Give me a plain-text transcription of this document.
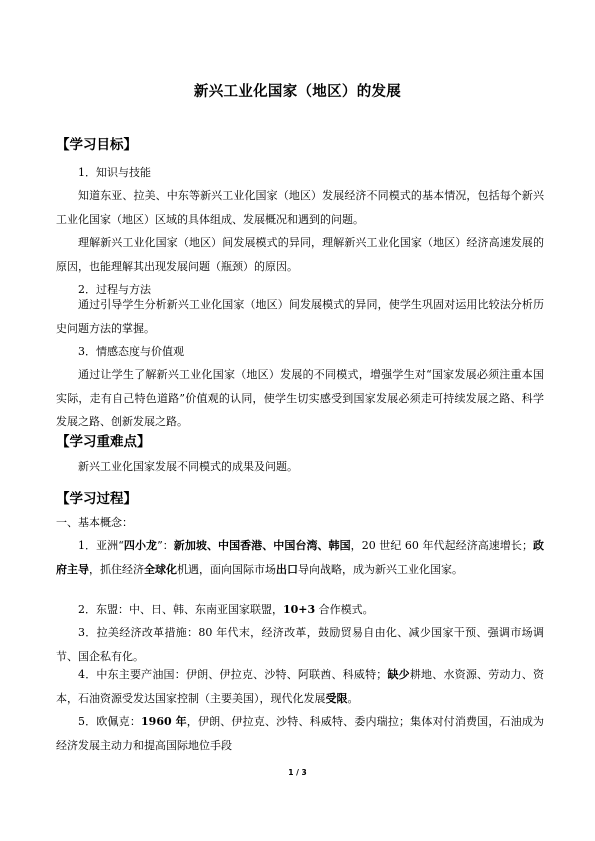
新兴工业化国家（地区）的发展
【学习目标】

1．知识与技能

知道东亚、拉美、中东等新兴工业化国家（地区）发展经济不同模式的基本情况，包括每个新兴工业化国家（地区）区域的具体组成、发展概况和遇到的问题。

理解新兴工业化国家（地区）间发展模式的异同，理解新兴工业化国家（地区）经济高速发展的原因，也能理解其出现发展问题（瓶颈）的原因。

2．过程与方法

通过引导学生分析新兴工业化国家（地区）间发展模式的异同，使学生巩固对运用比较法分析历史问题方法的掌握。

3．情感态度与价值观

通过让学生了解新兴工业化国家（地区）发展的不同模式，增强学生对“国家发展必须注重本国实际，走有自己特色道路”价值观的认同，使学生切实感受到国家发展必须走可持续发展之路、科学发展之路、创新发展之路。

【学习重难点】

新兴工业化国家发展不同模式的成果及问题。

【学习过程】

一、基本概念：

1．亚洲“四小龙”：新加坡、中国香港、中国台湾、韩国，20 世纪 60 年代起经济高速增长；政府主导，抓住经济全球化机遇，面向国际市场出口导向战略，成为新兴工业化国家。

2．东盟：中、日、韩、东南亚国家联盟，10+3 合作模式。

3．拉美经济改革措施：80 年代末，经济改革，鼓励贸易自由化、减少国家干预、强调市场调节、国企私有化。

4．中东主要产油国：伊朗、伊拉克、沙特、阿联酋、科威特；缺少耕地、水资源、劳动力、资本，石油资源受发达国家控制（主要美国），现代化发展受限。

5．欧佩克：1960 年，伊朗、伊拉克、沙特、科威特、委内瑞拉；集体对付消费国，石油成为经济发展主动力和提高国际地位手段

1 / 3
